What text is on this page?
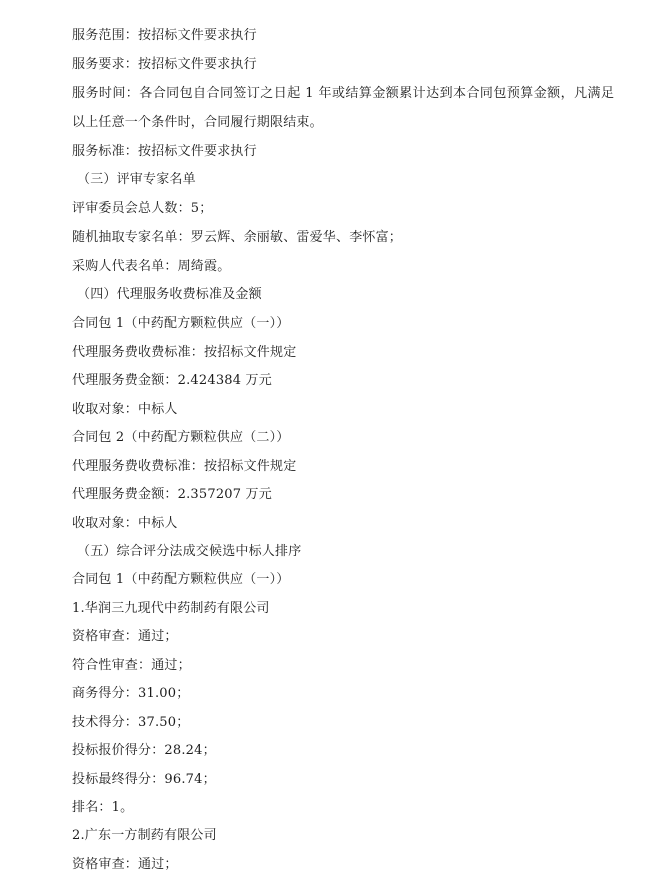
服务范围：按招标文件要求执行
服务要求：按招标文件要求执行
服务时间：各合同包自合同签订之日起 1 年或结算金额累计达到本合同包预算金额，凡满足
以上任意一个条件时，合同履行期限结束。
服务标准：按招标文件要求执行
（三）评审专家名单
评审委员会总人数：5；
随机抽取专家名单：罗云辉、余丽敏、雷爱华、李怀富；
采购人代表名单：周绮霞。
（四）代理服务收费标准及金额
合同包 1（中药配方颗粒供应（一））
代理服务费收费标准：按招标文件规定
代理服务费金额：2.424384 万元
收取对象：中标人
合同包 2（中药配方颗粒供应（二））
代理服务费收费标准：按招标文件规定
代理服务费金额：2.357207 万元
收取对象：中标人
（五）综合评分法成交候选中标人排序
合同包 1（中药配方颗粒供应（一））
1.华润三九现代中药制药有限公司
资格审查：通过；
符合性审查：通过；
商务得分：31.00；
技术得分：37.50；
投标报价得分：28.24；
投标最终得分：96.74；
排名：1。
2.广东一方制药有限公司
资格审查：通过；
